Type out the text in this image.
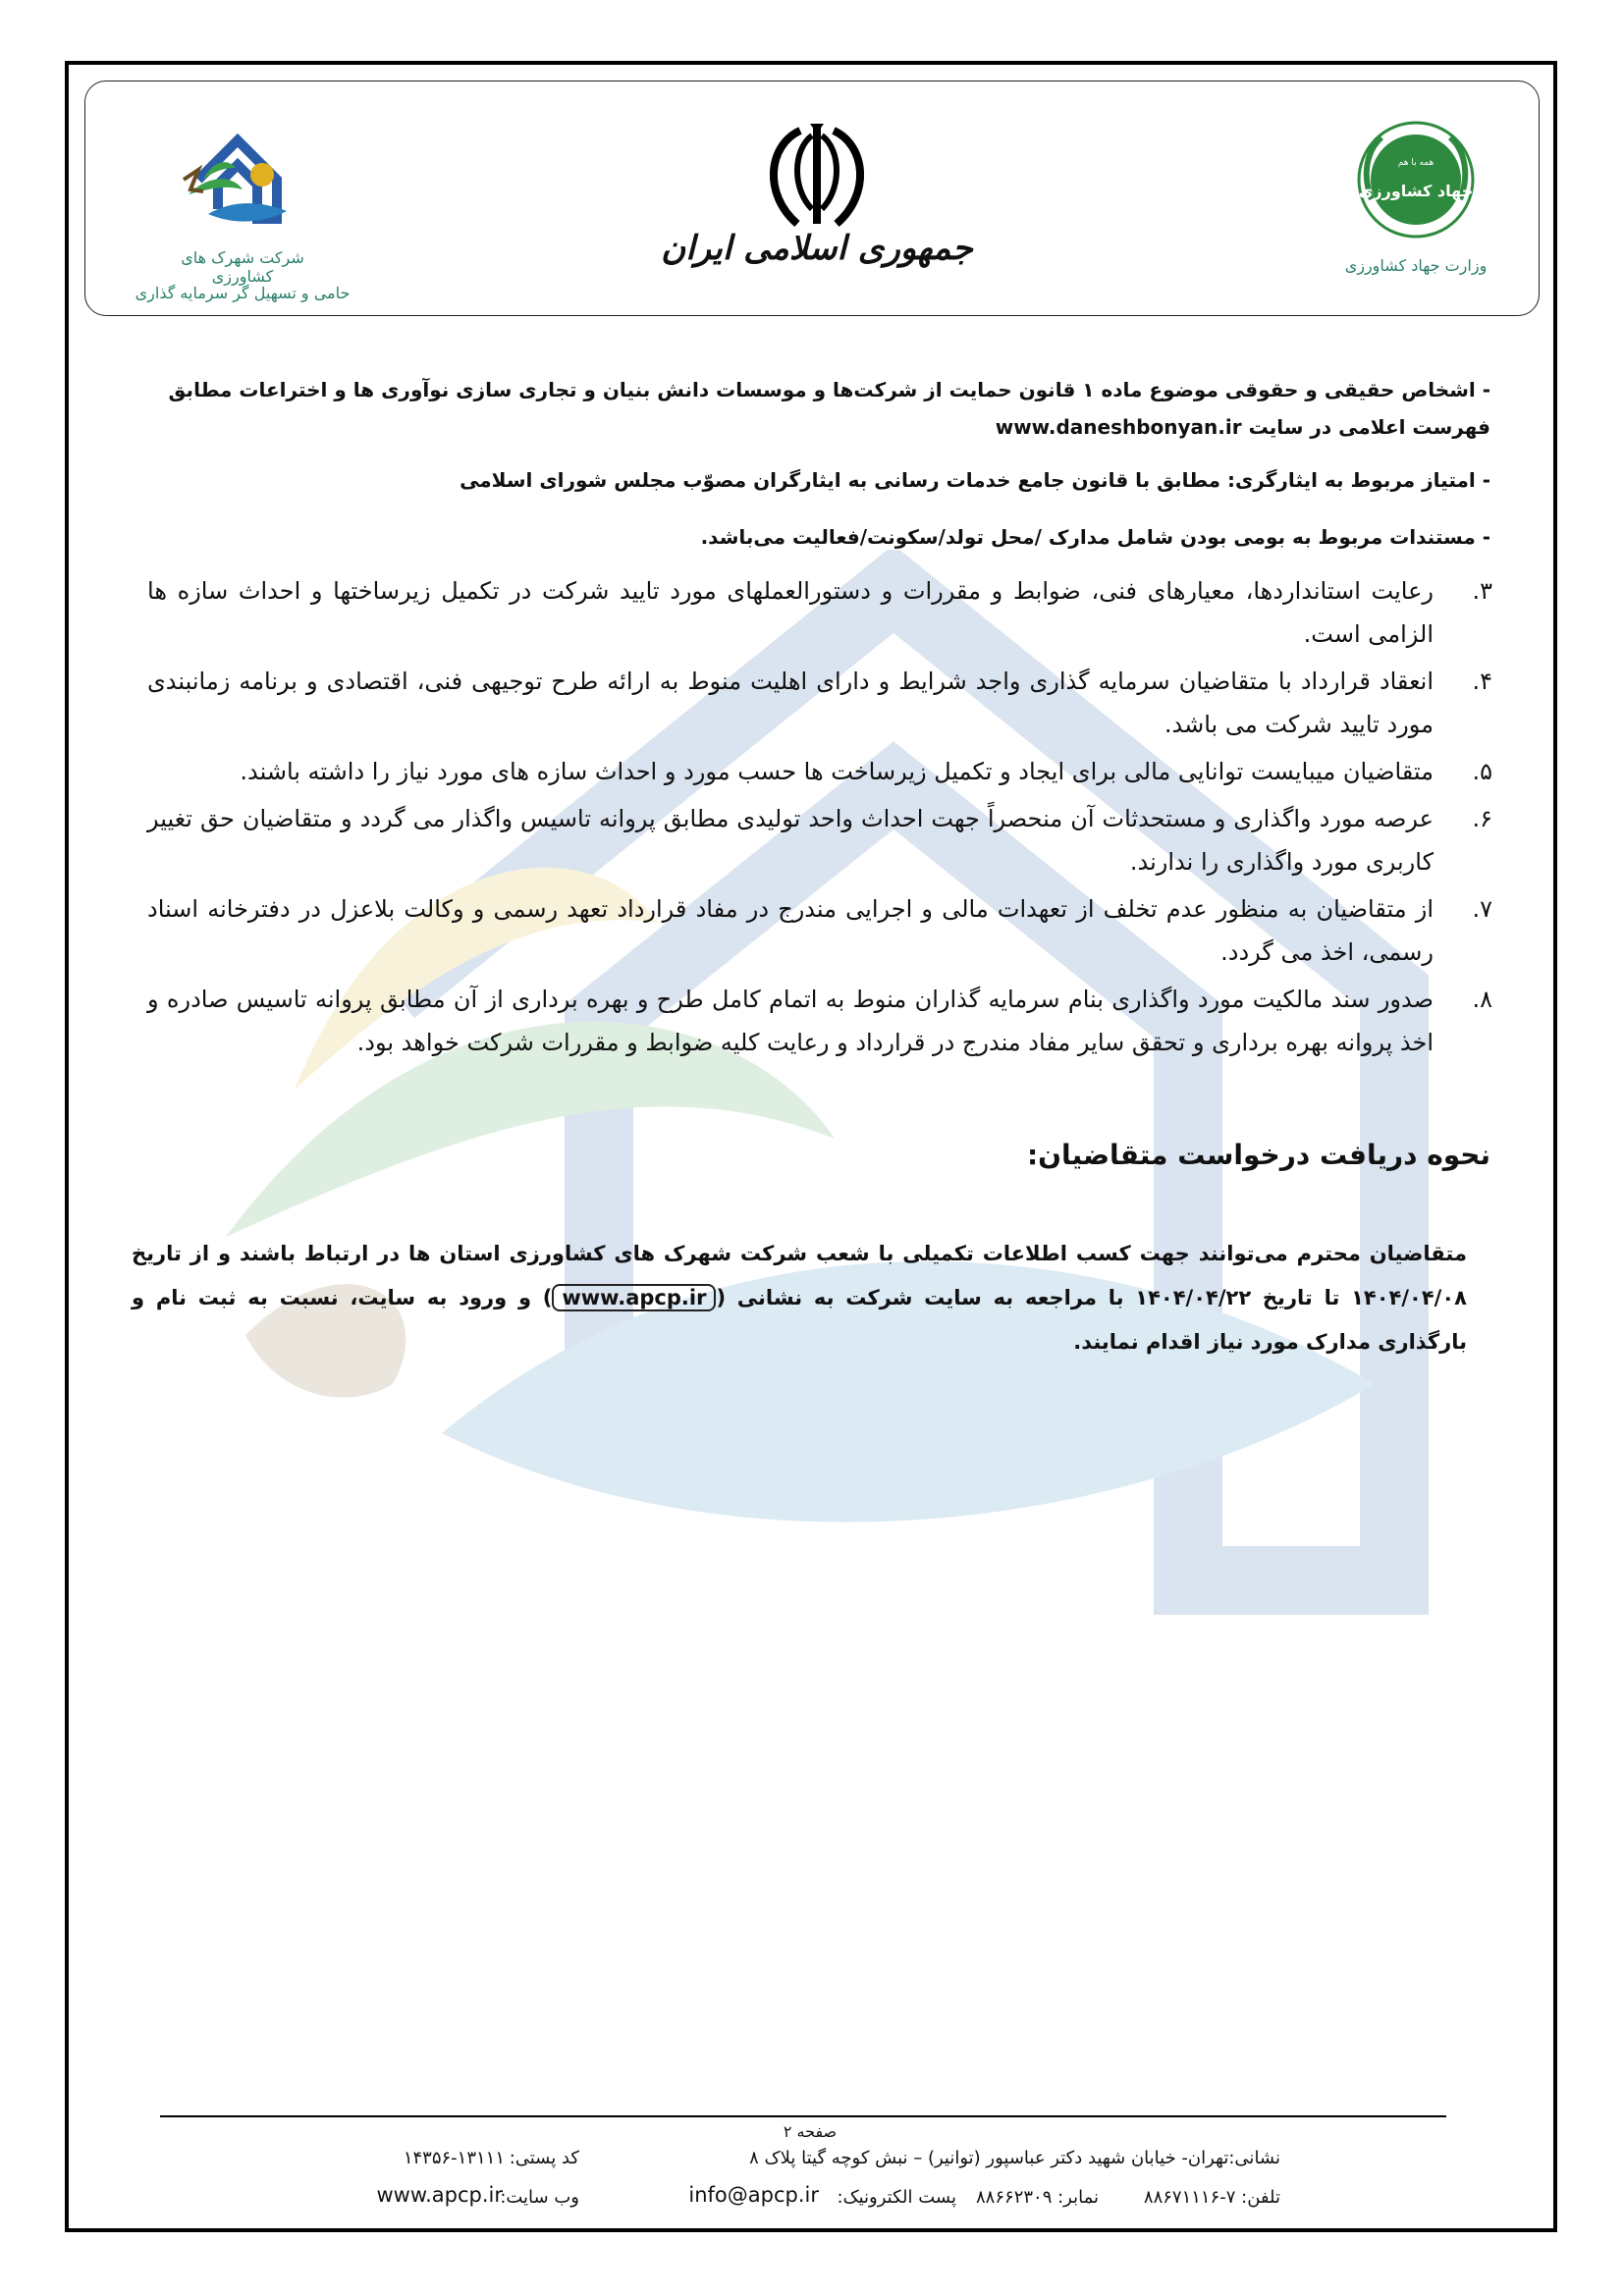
شرکت شهرک های کشاورزی
حامی و تسهیل گر سرمایه گذاری
جمهوری اسلامی ایران
همه با هم
جهاد کشاورزی
وزارت جهاد کشاورزی
- اشخاص حقیقی و حقوقی موضوع ماده ۱ قانون حمایت از شرکت‌ها و موسسات دانش بنیان و تجاری سازی نوآوری ها و اختراعات مطابق فهرست اعلامی در سایت www.daneshbonyan.ir
- امتیاز مربوط به ایثارگری: مطابق با قانون جامع خدمات رسانی به ایثارگران مصوّب مجلس شورای اسلامی
- مستندات مربوط به بومی بودن شامل مدارک /محل تولد/سکونت/فعالیت می‌باشد.
۳.
رعایت استانداردها، معیارهای فنی، ضوابط و مقررات و دستورالعملهای مورد تایید شرکت در تکمیل زیرساختها و احداث سازه ها الزامی است.
۴.
انعقاد قرارداد با متقاضیان سرمایه گذاری واجد شرایط و دارای اهلیت منوط به ارائه طرح توجیهی فنی، اقتصادی و برنامه زمانبندی مورد تایید شرکت می باشد.
۵.
متقاضیان میبایست توانایی مالی برای ایجاد و تکمیل زیرساخت ها حسب مورد و احداث سازه های مورد نیاز را داشته باشند.
۶.
عرصه مورد واگذاری و مستحدثات آن منحصراً جهت احداث واحد تولیدی مطابق پروانه تاسیس واگذار می گردد و متقاضیان حق تغییر کاربری مورد واگذاری را ندارند.
۷.
از متقاضیان به منظور عدم تخلف از تعهدات مالی و اجرایی مندرج در مفاد قرارداد تعهد رسمی و وکالت بلاعزل در دفترخانه اسناد رسمی، اخذ می گردد.
۸.
صدور سند مالکیت مورد واگذاری بنام سرمایه گذاران منوط به اتمام کامل طرح و بهره برداری از آن مطابق پروانه تاسیس صادره و اخذ پروانه بهره برداری و تحقق سایر مفاد مندرج در قرارداد و رعایت کلیه ضوابط و مقررات شرکت خواهد بود.
نحوه دریافت درخواست متقاضیان:
متقاضیان محترم می‌توانند جهت کسب اطلاعات تکمیلی با شعب شرکت شهرک های کشاورزی استان ها در ارتباط باشند و از تاریخ ۱۴۰۴/۰۴/۰۸ تا تاریخ ۱۴۰۴/۰۴/۲۲ با مراجعه به سایت شرکت به نشانی (www.apcp.ir) و ورود به سایت، نسبت به ثبت نام و بارگذاری مدارک مورد نیاز اقدام نمایند.
صفحه ۲
نشانی:تهران- خیابان شهید دکتر عباسپور (توانیر) – نبش کوچه گیتا پلاک ۸
کد پستی:
۱۴۳۵۶-۱۳۱۱۱
تلفن: ۷-۸۸۶۷۱۱۱۶
نمابر: ۸۸۶۶۲۳۰۹
پست الکترونیک:
info@apcp.ir
وب سایت:
www.apcp.ir
